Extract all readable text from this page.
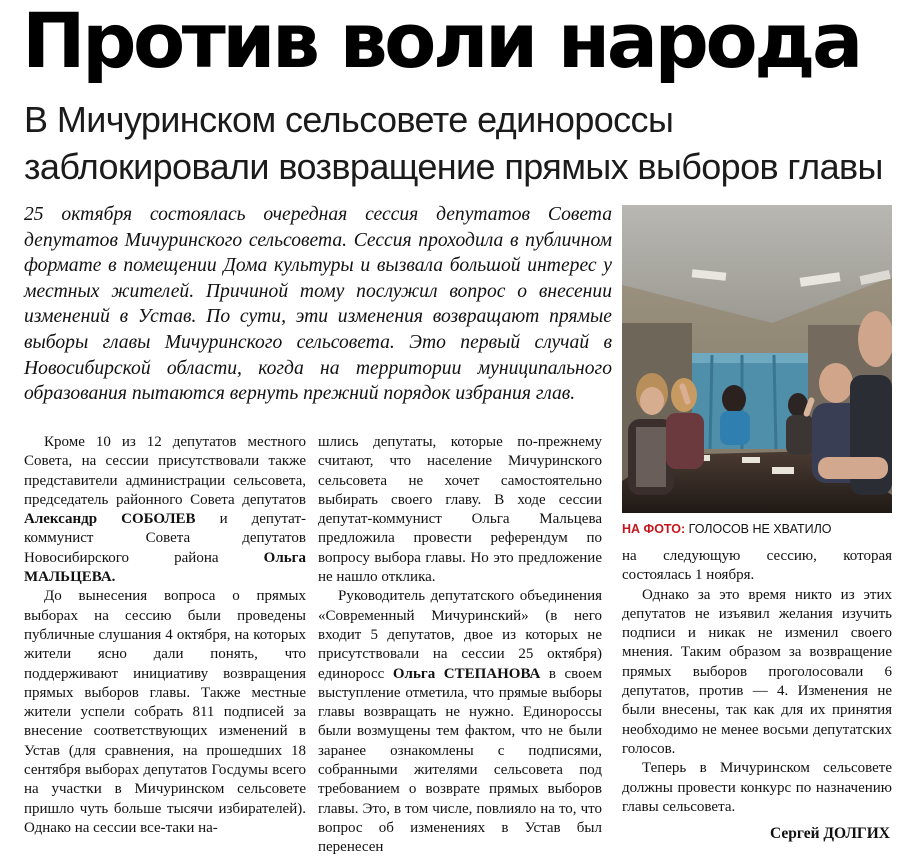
Против воли народа
В Мичуринском сельсовете единороссы
заблокировали возвращение прямых выборов главы
25 октября состоялась очередная сессия депутатов Совета депутатов Мичуринского сельсовета. Сессия проходила в публичном формате в помещении Дома культуры и вызвала большой интерес у местных жителей. Причиной тому послужил вопрос о внесении изменений в Устав. По сути, эти изменения возвращают прямые выборы главы Мичуринского сельсовета. Это первый случай в Новосибирской области, когда на территории муниципального образования пытаются вернуть прежний порядок избрания глав.
НА ФОТО: ГОЛОСОВ НЕ ХВАТИЛО

Кроме 10 из 12 депутатов местного Совета, на сессии присутствовали также представители администрации сельсовета, председатель районного Совета депутатов Александр СОБОЛЕВ и депутат-коммунист Совета депутатов Новосибирского района Ольга МАЛЬЦЕВА.

До вынесения вопроса о прямых выборах на сессию были проведены публичные слушания 4 октября, на которых жители ясно дали понять, что поддерживают инициативу возвращения прямых выборов главы. Также местные жители успели собрать 811 подписей за внесение соответствующих изменений в Устав (для сравнения, на прошедших 18 сентября выборах депутатов Госдумы всего на участки в Мичуринском сельсовете пришло чуть больше тысячи избирателей). Однако на сессии все-таки на-

шлись депутаты, которые по-прежнему считают, что население Мичуринского сельсовета не хочет самостоятельно выбирать своего главу. В ходе сессии депутат-коммунист Ольга Мальцева предложила провести референдум по вопросу выбора главы. Но это предложение не нашло отклика.

Руководитель депутатского объединения «Современный Мичуринский» (в него входит 5 депутатов, двое из которых не присутствовали на сессии 25 октября) единоросс Ольга СТЕПАНОВА в своем выступление отметила, что прямые выборы главы возвращать не нужно. Единороссы были возмущены тем фактом, что не были заранее ознакомлены с подписями, собранными жителями сельсовета под требованием о возврате прямых выборов главы. Это, в том числе, повлияло на то, что вопрос об изменениях в Устав был перенесен

на следующую сессию, которая состоялась 1 ноября.

Однако за это время никто из этих депутатов не изъявил желания изучить подписи и никак не изменил своего мнения. Таким образом за возвращение прямых выборов проголосовали 6 депутатов, против — 4. Изменения не были внесены, так как для их принятия необходимо не менее восьми депутатских голосов.

Теперь в Мичуринском сельсовете должны провести конкурс по назначению главы сельсовета.

Сергей ДОЛГИХ
